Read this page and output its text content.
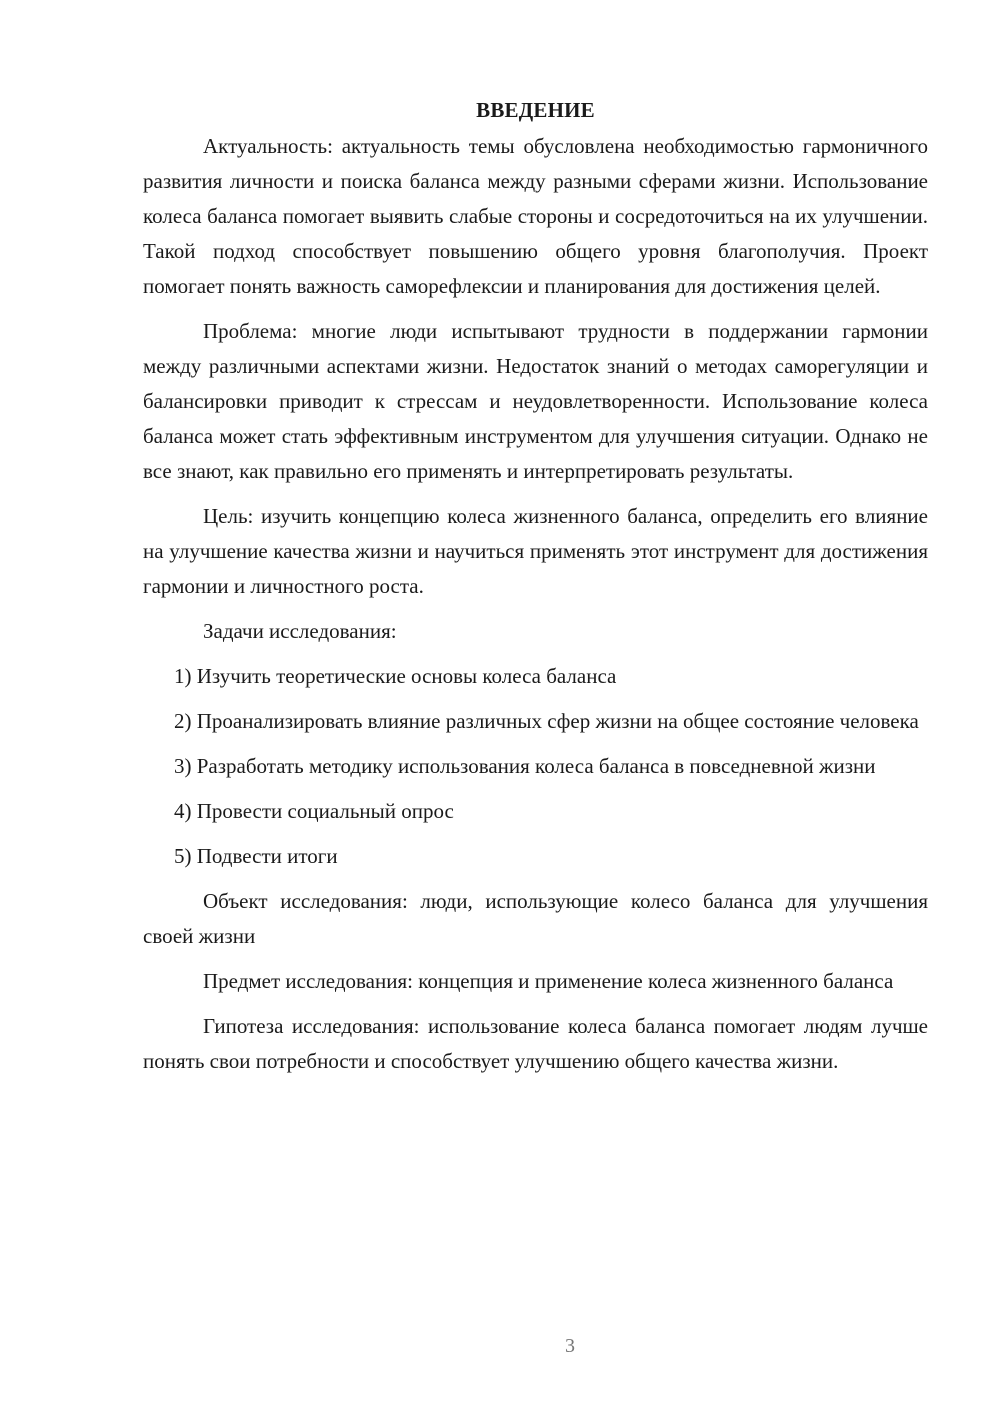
ВВЕДЕНИЕ

Актуальность: актуальность темы обусловлена необходимостью гармоничного развития личности и поиска баланса между разными сферами жизни. Использование колеса баланса помогает выявить слабые стороны и сосредоточиться на их улучшении. Такой подход способствует повышению общего уровня благополучия. Проект помогает понять важность саморефлексии и планирования для достижения целей.

Проблема: многие люди испытывают трудности в поддержании гармонии между различными аспектами жизни. Недостаток знаний о методах саморегуляции и балансировки приводит к стрессам и неудовлетворенности. Использование колеса баланса может стать эффективным инструментом для улучшения ситуации. Однако не все знают, как правильно его применять и интерпретировать результаты.

Цель: изучить концепцию колеса жизненного баланса, определить его влияние на улучшение качества жизни и научиться применять этот инструмент для достижения гармонии и личностного роста.

Задачи исследования:

1) Изучить теоретические основы колеса баланса

2) Проанализировать влияние различных сфер жизни на общее состояние человека

3) Разработать методику использования колеса баланса в повседневной жизни

4) Провести социальный опрос

5) Подвести итоги

Объект исследования: люди, использующие колесо баланса для улучшения своей жизни

Предмет исследования: концепция и применение колеса жизненного баланса

Гипотеза исследования: использование колеса баланса помогает людям лучше понять свои потребности и способствует улучшению общего качества жизни.

3
